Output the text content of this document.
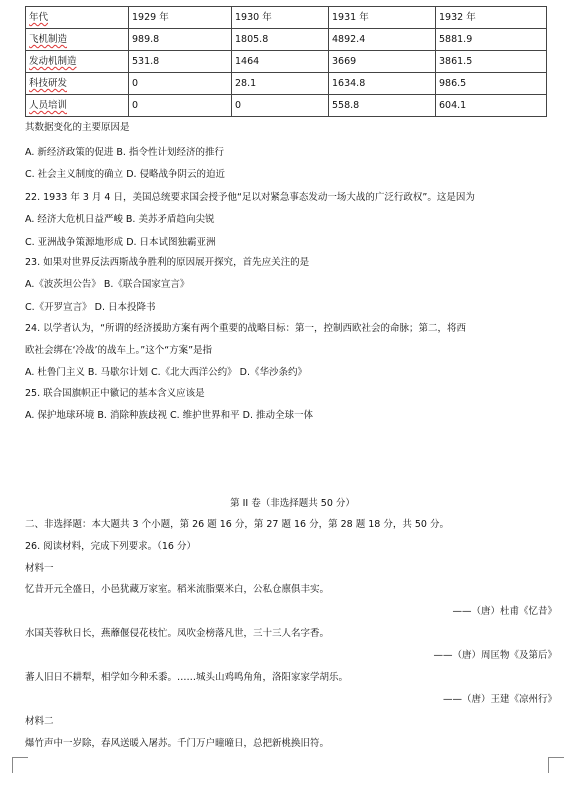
年代	1929 年	1930 年	1931 年	1932 年
飞机制造	989.8	1805.8	4892.4	5881.9
发动机制造	531.8	1464	3669	3861.5
科技研发	0	28.1	1634.8	986.5
人员培训	0	0	558.8	604.1
其数据变化的主要原因是
A. 新经济政策的促进 B. 指令性计划经济的推行
C. 社会主义制度的确立 D. 侵略战争阴云的迫近
22. 1933 年 3 月 4 日，美国总统要求国会授予他“足以对紧急事态发动一场大战的广泛行政权”。这是因为
A. 经济大危机日益严峻 B. 美苏矛盾趋向尖锐
C. 亚洲战争策源地形成 D. 日本试图独霸亚洲
23. 如果对世界反法西斯战争胜利的原因展开探究，首先应关注的是
A.《波茨坦公告》 B.《联合国家宣言》
C.《开罗宣言》 D. 日本投降书
24. 以学者认为，“所谓的经济援助方案有两个重要的战略目标：第一，控制西欧社会的命脉；第二，将西
欧社会绑在‘冷战’的战车上。”这个“方案”是指
A. 杜鲁门主义 B. 马歇尔计划 C.《北大西洋公约》 D.《华沙条约》
25. 联合国旗帜正中徽记的基本含义应该是
A. 保护地球环境 B. 消除种族歧视 C. 维护世界和平 D. 推动全球一体
第 II 卷（非选择题共 50 分）
二、非选择题：本大题共 3 个小题，第 26 题 16 分，第 27 题 16 分，第 28 题 18 分，共 50 分。
26. 阅读材料，完成下列要求。（16 分）
材料一
忆昔开元全盛日，小邑犹藏万家室。稻米流脂粟米白，公私仓廪俱丰实。
——（唐）杜甫《忆昔》
水国芙蓉秋日长，燕蘼偃侵花枝忙。凤吹金榜落凡世，三十三人名字香。
——（唐）周匡物《及第后》
蕃人旧日不耕犁，相学如今种禾黍。……城头山鸡鸣角角，洛阳家家学胡乐。
——（唐）王建《凉州行》
材料二
爆竹声中一岁除，春风送暖入屠苏。千门万户曈曈日，总把新桃换旧符。
